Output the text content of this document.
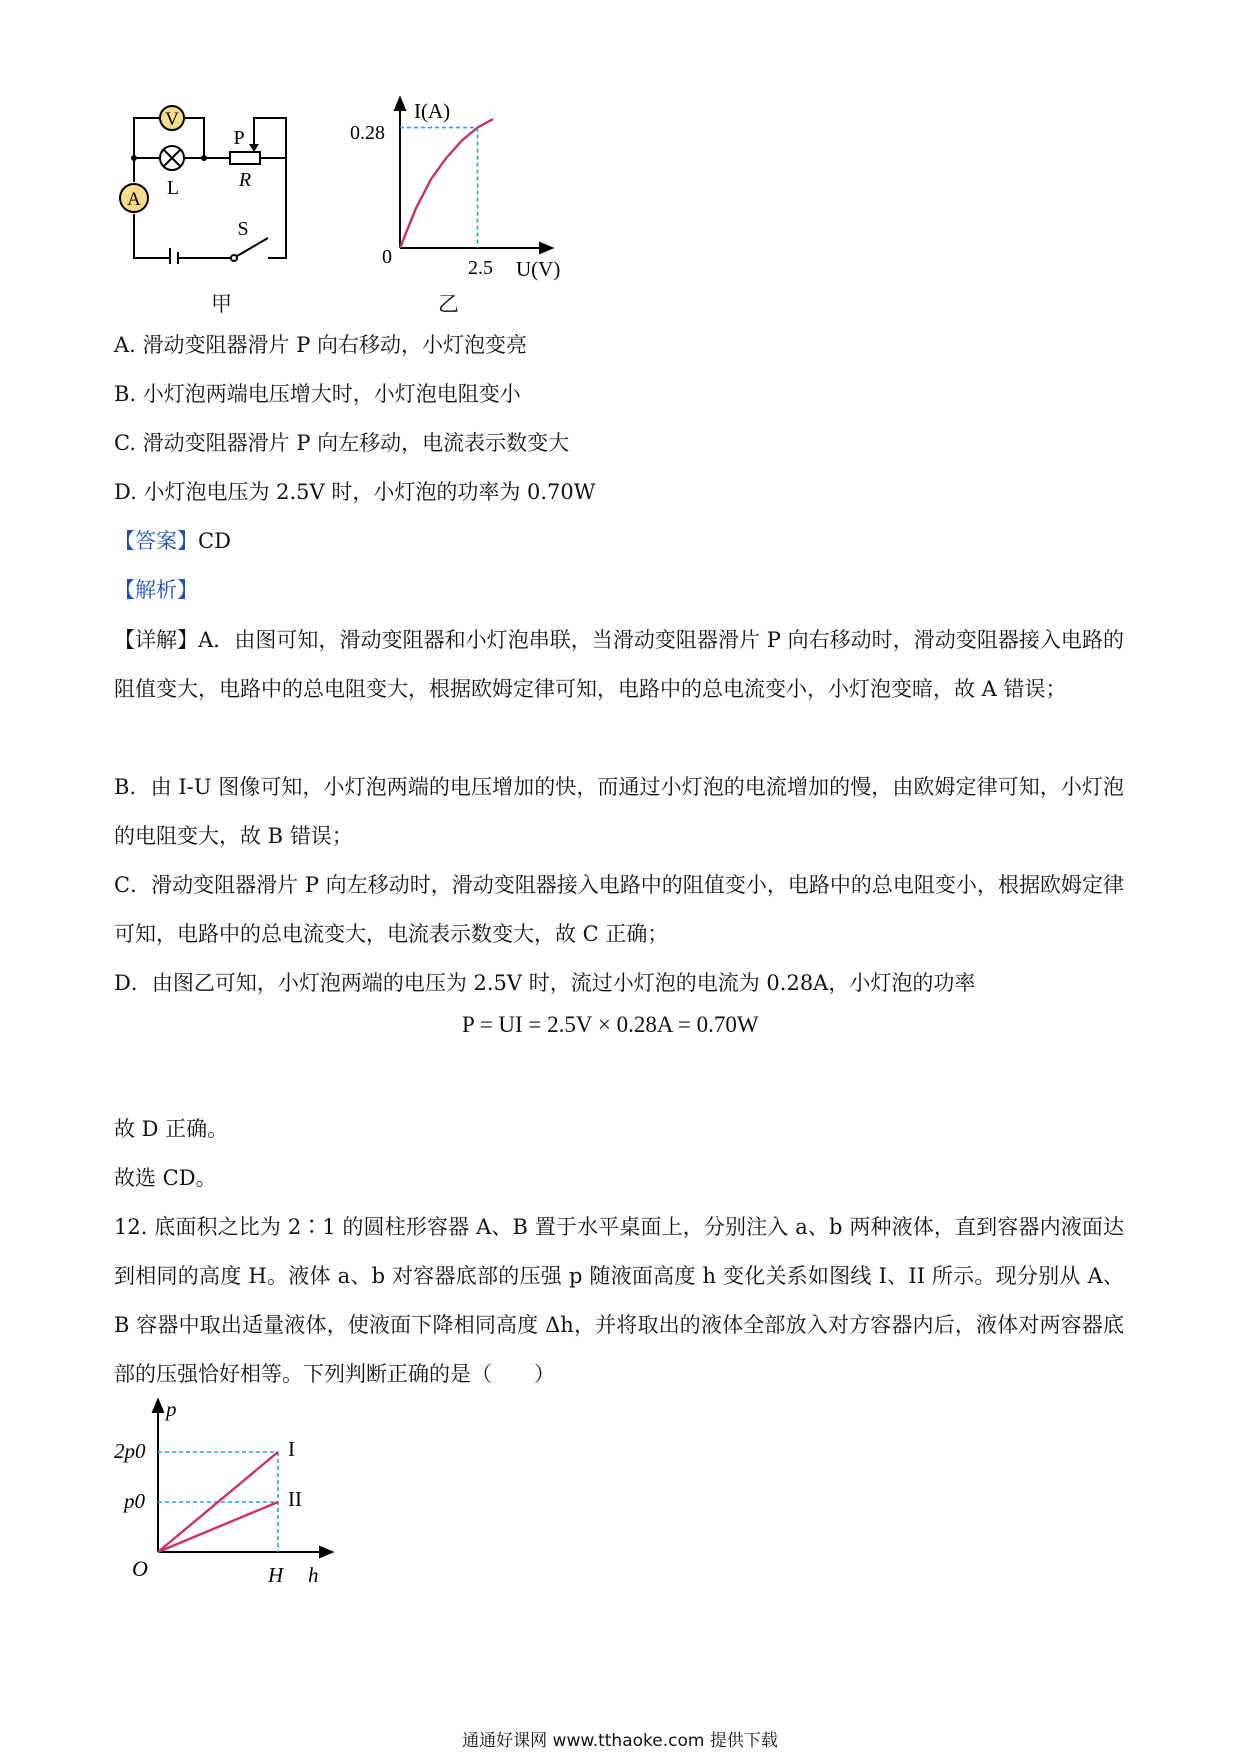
V
A
L
P
R
S
甲
I(A)
U(V)
0.28
2.5
0
乙
A. 滑动变阻器滑片 P 向右移动，小灯泡变亮
B. 小灯泡两端电压增大时，小灯泡电阻变小
C. 滑动变阻器滑片 P 向左移动，电流表示数变大
D. 小灯泡电压为 2.5V 时，小灯泡的功率为 0.70W
【答案】CD
【解析】
【详解】A．由图可知，滑动变阻器和小灯泡串联，当滑动变阻器滑片 P 向右移动时，滑动变阻器接入电路的阻值变大，电路中的总电阻变大，根据欧姆定律可知，电路中的总电流变小，小灯泡变暗，故 A 错误；
B．由 I-U 图像可知，小灯泡两端的电压增加的快，而通过小灯泡的电流增加的慢，由欧姆定律可知，小灯泡的电阻变大，故 B 错误；
C．滑动变阻器滑片 P 向左移动时，滑动变阻器接入电路中的阻值变小，电路中的总电阻变小，根据欧姆定律可知，电路中的总电流变大，电流表示数变大，故 C 正确；
D．由图乙可知，小灯泡两端的电压为 2.5V 时，流过小灯泡的电流为 0.28A，小灯泡的功率
P = UI = 2.5V × 0.28A = 0.70W
故 D 正确。
故选 CD。
12. 底面积之比为 2∶1 的圆柱形容器 A、B 置于水平桌面上，分别注入 a、b 两种液体，直到容器内液面达到相同的高度 H。液体 a、b 对容器底部的压强 p 随液面高度 h 变化关系如图线 I、II 所示。现分别从 A、B 容器中取出适量液体，使液面下降相同高度 Δh，并将取出的液体全部放入对方容器内后，液体对两容器底部的压强恰好相等。下列判断正确的是（　　）
p
h
2p0
p0
O	H
I
II
通通好课网 www.tthaoke.com 提供下载
